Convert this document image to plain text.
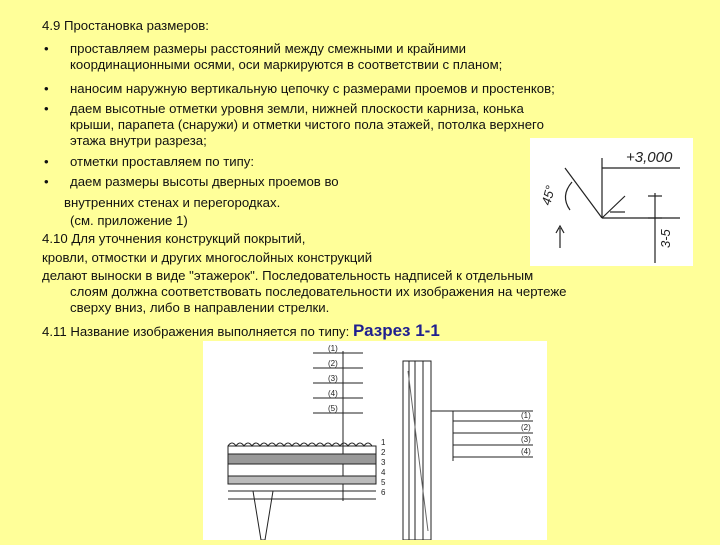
4.9 Простановка размеров:
• проставляем размеры расстояний между смежными и крайними
координационными осями, оси маркируются в соответствии с планом;
• наносим наружную вертикальную цепочку с размерами проемов и простенков;
• даем высотные отметки уровня земли, нижней плоскости карниза, конька
крыши, парапета (снаружи) и отметки чистого пола этажей, потолка верхнего
этажа внутри разреза;
• отметки проставляем по типу:
• даем размеры высоты дверных проемов во
внутренних стенах и перегородках.
(см. приложение 1)
4.10 Для уточнения конструкций покрытий,
кровли, отмостки и других многослойных конструкций
делают выноски в виде "этажерок". Последовательность надписей к отдельным
слоям должна соответствовать последовательности их изображения на чертеже
сверху вниз, либо в направлении стрелки.
4.11 Название изображения выполняется по типу: Разрез 1-1
+3,000
45°
3-5
(1)
(2)
(3)
(4)
(5)
1
2
3
4
5
6
(1)
(2)
(3)
(4)
